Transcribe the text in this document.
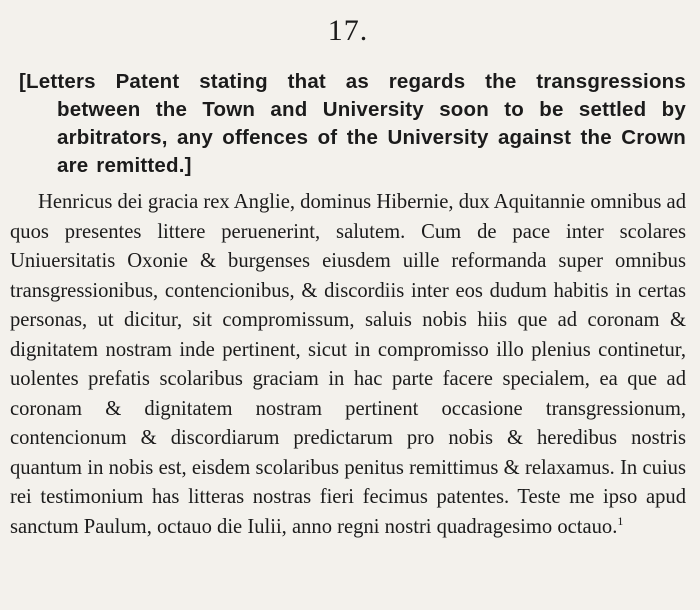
17.

[Letters Patent stating that as regards the transgressions between the Town and University soon to be settled by arbitrators, any offences of the University against the Crown are remitted.]

Henricus dei gracia rex Anglie, dominus Hibernie, dux Aquitannie omnibus ad quos presentes littere peruenerint, salutem. Cum de pace inter scolares Uniuersitatis Oxonie & burgenses eiusdem uille reformanda super omnibus transgressionibus, contencionibus, & discordiis inter eos dudum habitis in certas personas, ut dicitur, sit compromissum, saluis nobis hiis que ad coronam & dignitatem nostram inde pertinent, sicut in compromisso illo plenius continetur, uolentes prefatis scolaribus graciam in hac parte facere specialem, ea que ad coronam & dignitatem nostram pertinent occasione transgressionum, contencionum & discordiarum predictarum pro nobis & heredibus nostris quantum in nobis est, eisdem scolaribus penitus remittimus & relaxamus. In cuius rei testimonium has litteras nostras fieri fecimus patentes. Teste me ipso apud sanctum Paulum, octauo die Iulii, anno regni nostri quadragesimo octauo.$^1$
